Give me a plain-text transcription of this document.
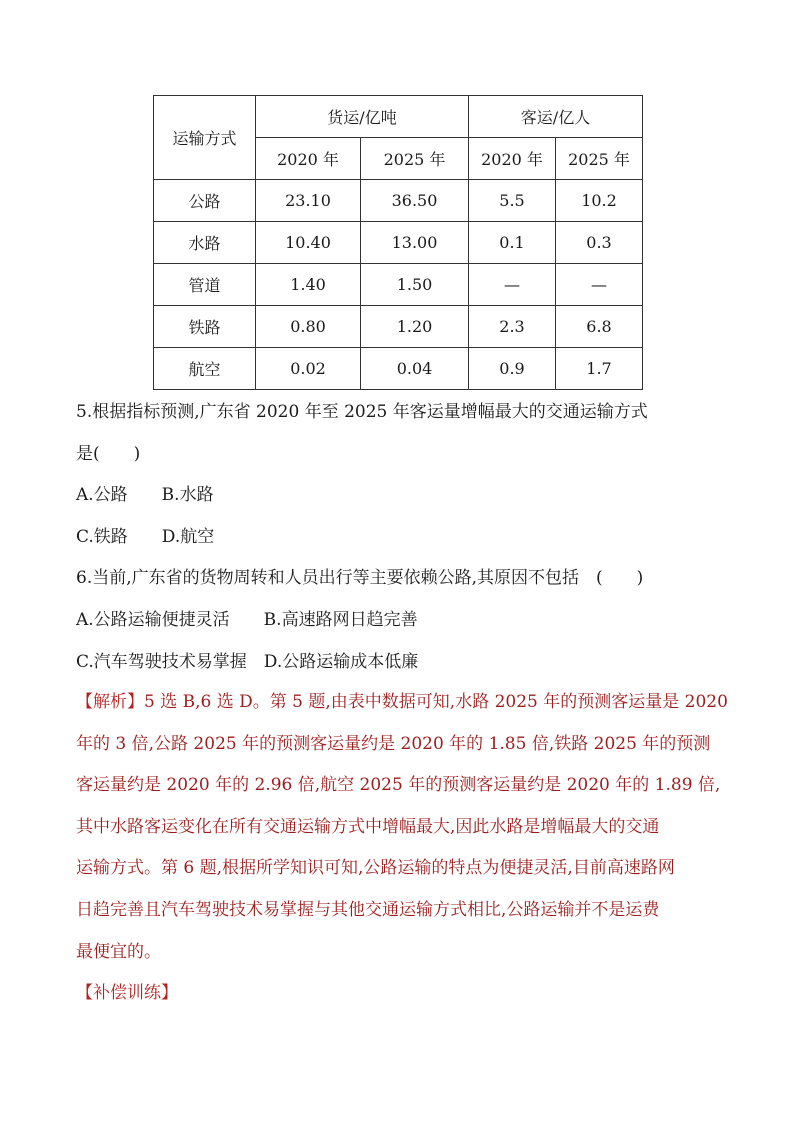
运输方式	货运/亿吨		客运/亿人	
	2020 年	2025 年	2020 年	2025 年
公路	23.10	36.50	5.5	10.2
水路	10.40	13.00	0.1	0.3
管道	1.40	1.50	—	—
铁路	0.80	1.20	2.3	6.8
航空	0.02	0.04	0.9	1.7
5.根据指标预测,广东省 2020 年至 2025 年客运量增幅最大的交通运输方式
是(　　)
A.公路　　B.水路
C.铁路　　D.航空
6.当前,广东省的货物周转和人员出行等主要依赖公路,其原因不包括　(　　)
A.公路运输便捷灵活　　B.高速路网日趋完善
C.汽车驾驶技术易掌握　D.公路运输成本低廉
【解析】5 选 B,6 选 D。第 5 题,由表中数据可知,水路 2025 年的预测客运量是 2020
年的 3 倍,公路 2025 年的预测客运量约是 2020 年的 1.85 倍,铁路 2025 年的预测
客运量约是 2020 年的 2.96 倍,航空 2025 年的预测客运量约是 2020 年的 1.89 倍,
其中水路客运变化在所有交通运输方式中增幅最大,因此水路是增幅最大的交通
运输方式。第 6 题,根据所学知识可知,公路运输的特点为便捷灵活,目前高速路网
日趋完善且汽车驾驶技术易掌握与其他交通运输方式相比,公路运输并不是运费
最便宜的。
【补偿训练】
